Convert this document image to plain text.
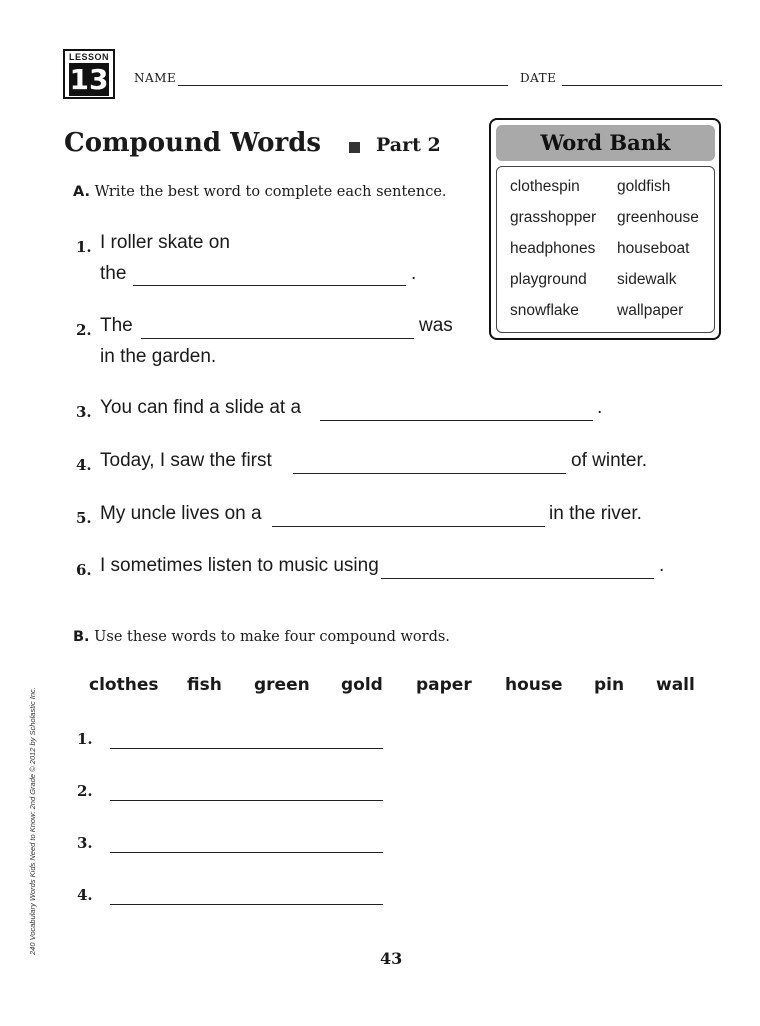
LESSON
13 NAME	DATE
Compound Words	Part 2	Word Bank
clothespin goldfish
grasshopper greenhouse
headphones houseboat
playground sidewalk
snowflake wallpaper
A. Write the best word to complete each sentence.
1. I roller skate on
the	.
2. The	was
in the garden.
3. You can find a slide at a	.
4. Today, I saw the first	of winter.
5. My uncle lives on a	in the river.
6. I sometimes listen to music using	.
B. Use these words to make four compound words.
clothes fish green gold paper house pin wall
1.
2.
3.
4.
240 Vocabulary Words Kids Need to Know: 2nd Grade © 2012 by Scholastic Inc.
43
